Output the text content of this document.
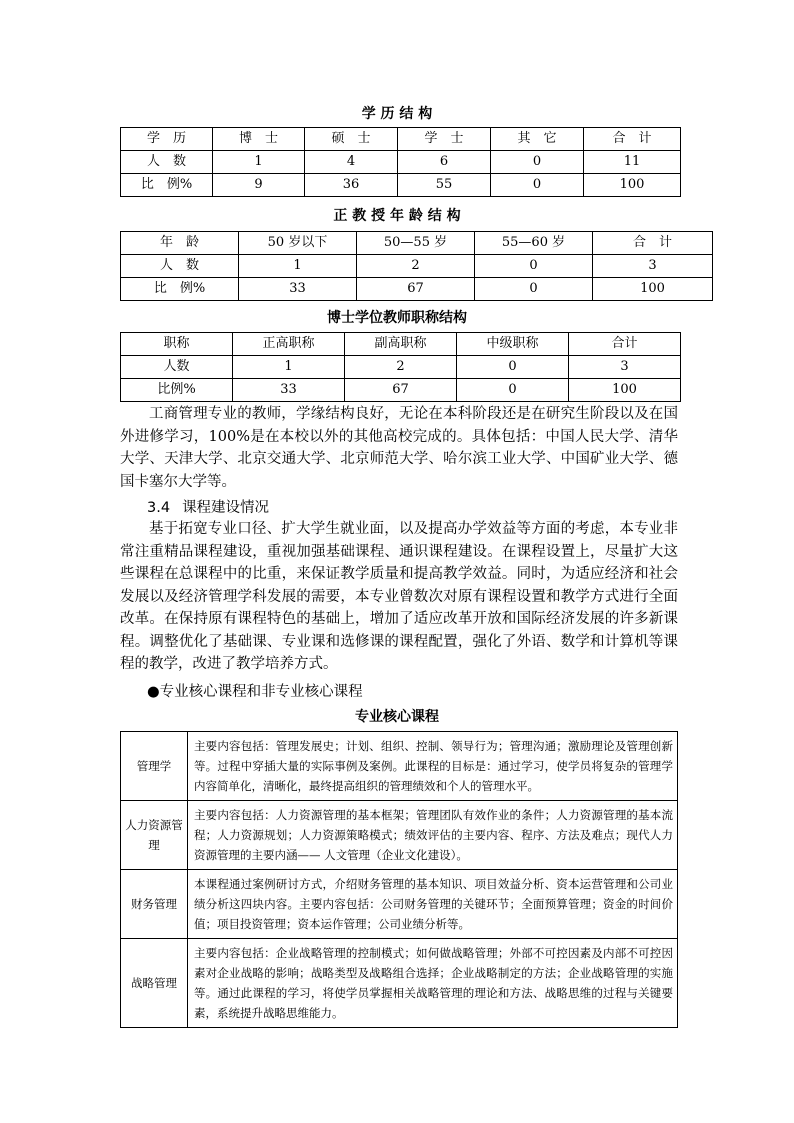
学 历 结 构
学　历	博　士	硕　士	学　士	其　它	合　计
人　数	1	4	6	0	11
比　例%	9	36	55	0	100
正 教 授 年 龄 结 构
年　龄	50 岁以下	50—55 岁	55—60 岁	合　计
人　数	1	2	0	3
比　例%	33	67	0	100
博士学位教师职称结构
职称	正高职称	副高职称	中级职称	合计
人数	1	2	0	3
比例%	33	67	0	100

工商管理专业的教师，学缘结构良好，无论在本科阶段还是在研究生阶段以及在国外进修学习，100%是在本校以外的其他高校完成的。具体包括：中国人民大学、清华大学、天津大学、北京交通大学、北京师范大学、哈尔滨工业大学、中国矿业大学、德国卡塞尔大学等。

3.4 课程建设情况

基于拓宽专业口径、扩大学生就业面，以及提高办学效益等方面的考虑，本专业非常注重精品课程建设，重视加强基础课程、通识课程建设。在课程设置上，尽量扩大这些课程在总课程中的比重，来保证教学质量和提高教学效益。同时，为适应经济和社会发展以及经济管理学科发展的需要，本专业曾数次对原有课程设置和教学方式进行全面改革。在保持原有课程特色的基础上，增加了适应改革开放和国际经济发展的许多新课程。调整优化了基础课、专业课和选修课的课程配置，强化了外语、数学和计算机等课程的教学，改进了教学培养方式。

●专业核心课程和非专业核心课程
专业核心课程
管理学	主要内容包括：管理发展史；计划、组织、控制、领导行为；管理沟通；激励理论及管理创新等。过程中穿插大量的实际事例及案例。此课程的目标是：通过学习，使学员将复杂的管理学内容简单化，清晰化，最终提高组织的管理绩效和个人的管理水平。
人力资源管理	主要内容包括：人力资源管理的基本框架；管理团队有效作业的条件；人力资源管理的基本流程；人力资源规划；人力资源策略模式；绩效评估的主要内容、程序、方法及难点；现代人力资源管理的主要内涵—— 人文管理（企业文化建设）。
财务管理	本课程通过案例研讨方式，介绍财务管理的基本知识、项目效益分析、资本运营管理和公司业绩分析这四块内容。主要内容包括：公司财务管理的关键环节；全面预算管理；资金的时间价值；项目投资管理；资本运作管理；公司业绩分析等。
战略管理	主要内容包括：企业战略管理的控制模式；如何做战略管理；外部不可控因素及内部不可控因素对企业战略的影响；战略类型及战略组合选择；企业战略制定的方法；企业战略管理的实施等。通过此课程的学习，将使学员掌握相关战略管理的理论和方法、战略思维的过程与关键要素，系统提升战略思维能力。
